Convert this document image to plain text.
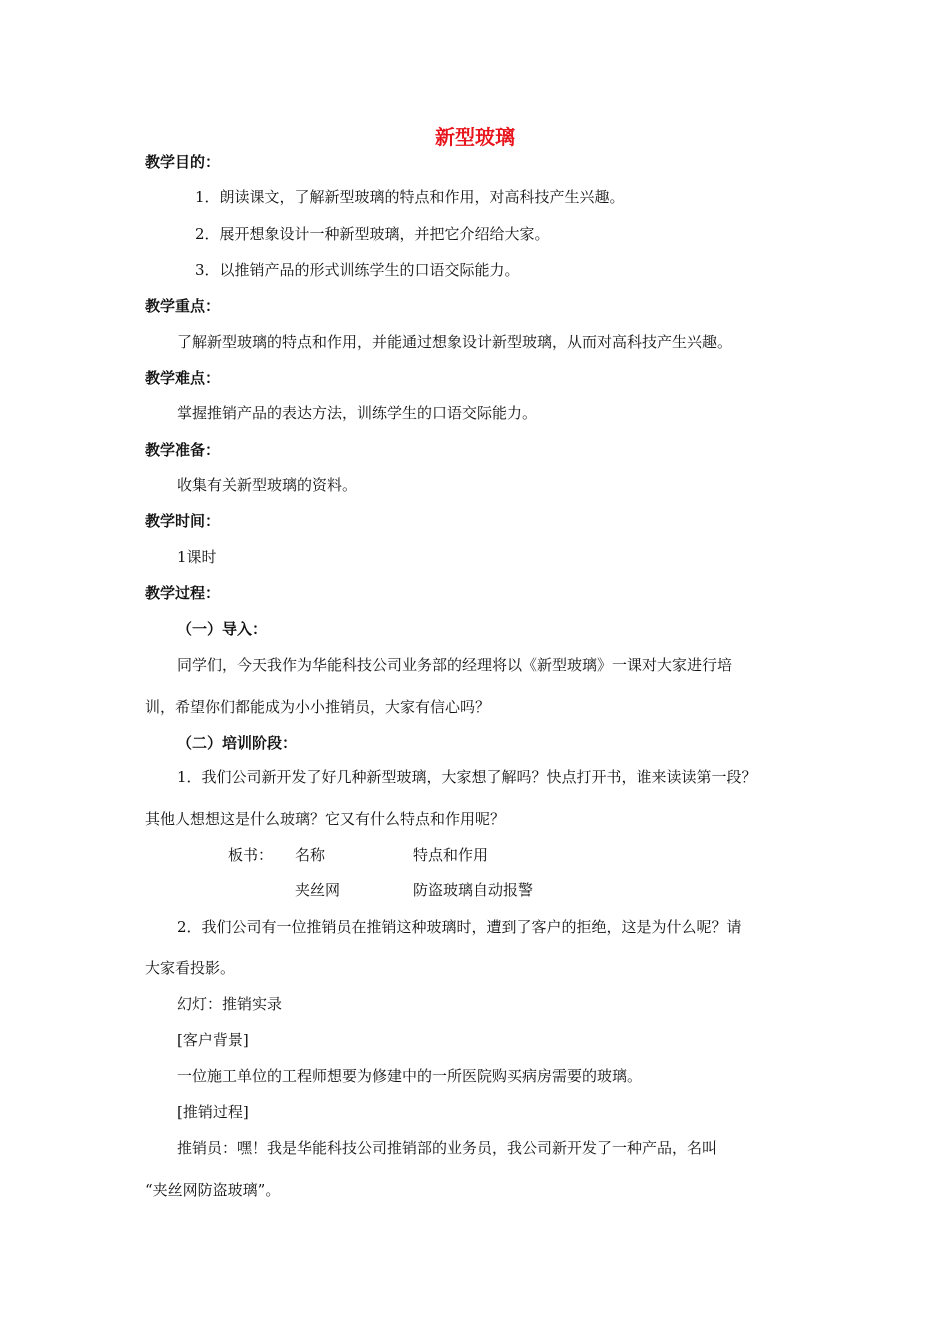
新型玻璃
教学目的：
1．朗读课文，了解新型玻璃的特点和作用，对高科技产生兴趣。
2．展开想象设计一种新型玻璃，并把它介绍给大家。
3．以推销产品的形式训练学生的口语交际能力。
教学重点：
了解新型玻璃的特点和作用，并能通过想象设计新型玻璃，从而对高科技产生兴趣。
教学难点：
掌握推销产品的表达方法，训练学生的口语交际能力。
教学准备：
收集有关新型玻璃的资料。
教学时间：
1课时
教学过程：
（一）导入：
同学们，今天我作为华能科技公司业务部的经理将以《新型玻璃》一课对大家进行培
训，希望你们都能成为小小推销员，大家有信心吗？
（二）培训阶段：
1．我们公司新开发了好几种新型玻璃，大家想了解吗？快点打开书，谁来读读第一段？
其他人想想这是什么玻璃？它又有什么特点和作用呢？
板书： 名称	特点和作用
夹丝网	防盗玻璃自动报警
2．我们公司有一位推销员在推销这种玻璃时，遭到了客户的拒绝，这是为什么呢？请
大家看投影。
幻灯：推销实录
[客户背景]
一位施工单位的工程师想要为修建中的一所医院购买病房需要的玻璃。
[推销过程]
推销员：嘿！我是华能科技公司推销部的业务员，我公司新开发了一种产品，名叫
“夹丝网防盗玻璃”。
